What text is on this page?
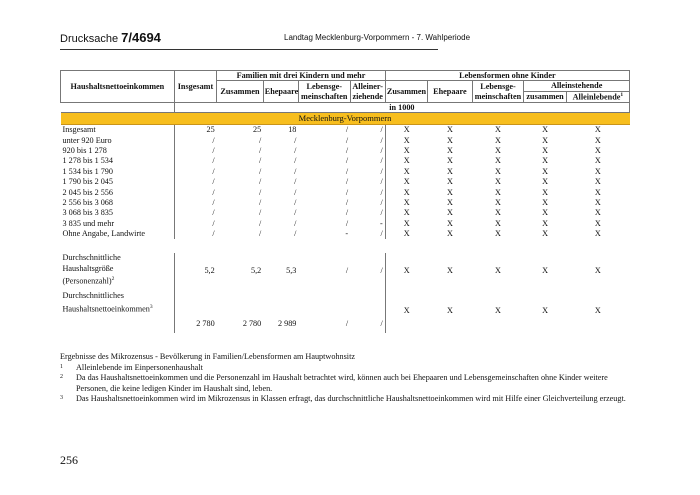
Drucksache 7/4694	Landtag Mecklenburg-Vorpommern - 7. Wahlperiode
Haushaltsnettoeinkommen	Insgesamt	Familien mit drei Kindern und mehr				Lebensformen ohne Kinder				
		Zusammen	Ehepaare	Lebensge-meinschaften	Alleiner-ziehende	Zusammen	Ehepaare	Lebensge-meinschaften	Alleinstehende	
									zusammen	Alleinlebende$^1$
	in 1000									
Mecklenburg-Vorpommern										
Insgesamt	25	25	18	/	/	X	X	X	X	X
unter 920 Euro	/	/	/	/	/	X	X	X	X	X
920 bis 1 278	/	/	/	/	/	X	X	X	X	X
1 278 bis 1 534	/	/	/	/	/	X	X	X	X	X
1 534 bis 1 790	/	/	/	/	/	X	X	X	X	X
1 790 bis 2 045	/	/	/	/	/	X	X	X	X	X
2 045 bis 2 556	/	/	/	/	/	X	X	X	X	X
2 556 bis 3 068	/	/	/	/	/	X	X	X	X	X
3 068 bis 3 835	/	/	/	/	/	X	X	X	X	X
3 835 und mehr	/	/	/	/	-	X	X	X	X	X
Ohne Angabe, Landwirte	/	/	/	-	/	X	X	X	X	X

Durchschnittliche
Haushaltsgröße
(Personenzahl)$^2$	5,2	5,2	5,3	/	/	X	X	X	X	X

Durchschnittliches
Haushaltsnettoeinkommen$^3$						X	X	X	X	X
	2 780	2 780	2 989	/	/					
Ergebnisse des Mikrozensus - Bevölkerung in Familien/Lebensformen am Hauptwohnsitz
1 Alleinlebende im Einpersonenhaushalt
2 Da das Haushaltsnettoeinkommen und die Personenzahl im Haushalt betrachtet wird, können auch bei Ehepaaren und Lebensgemeinschaften ohne Kinder weitere Personen, die keine ledigen Kinder im Haushalt sind, leben.
3 Das Haushaltsnettoeinkommen wird im Mikrozensus in Klassen erfragt, das durchschnittliche Haushaltsnettoeinkommen wird mit Hilfe einer Gleichverteilung erzeugt.
256
